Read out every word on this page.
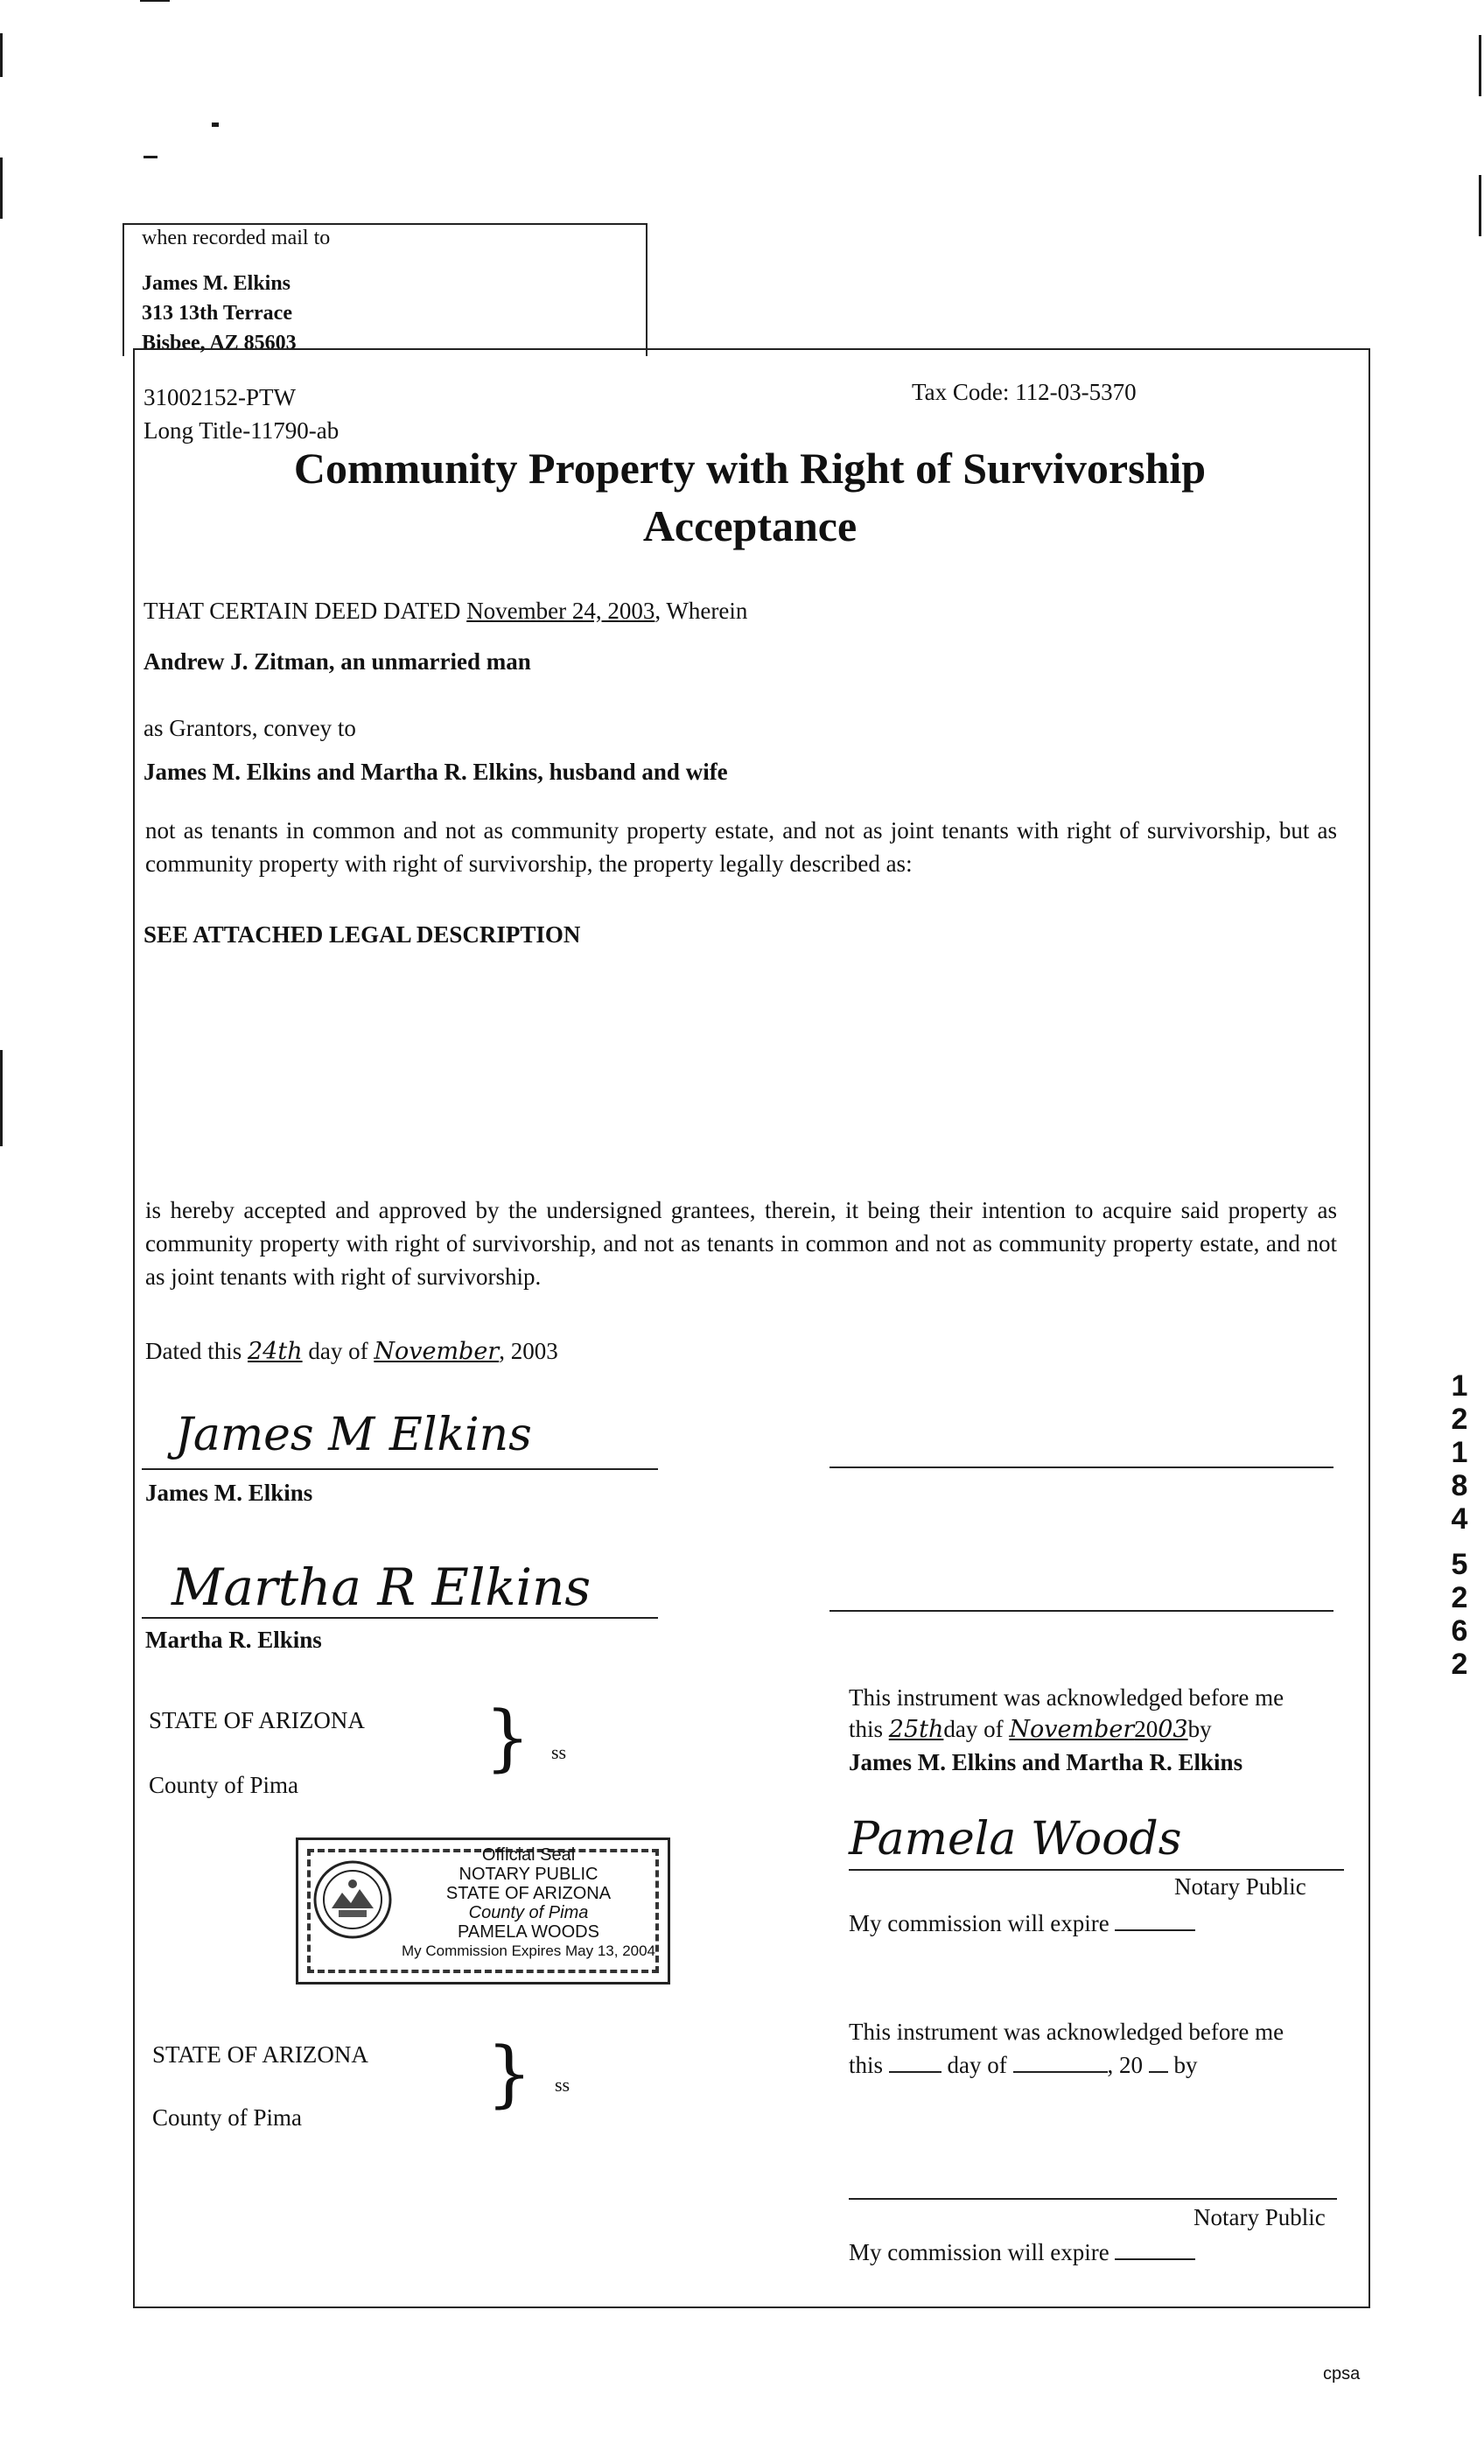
when recorded mail to
James M. Elkins
313 13th Terrace
Bisbee, AZ 85603
31002152-PTW
Long Title-11790-ab
Tax Code: 112-03-5370
Community Property with Right of Survivorship
Acceptance
THAT CERTAIN DEED DATED November 24, 2003, Wherein
Andrew J. Zitman, an unmarried man
as Grantors, convey to
James M. Elkins and Martha R. Elkins, husband and wife
not as tenants in common and not as community property estate, and not as joint tenants with right of survivorship, but as community property with right of survivorship, the property legally described as:
SEE ATTACHED LEGAL DESCRIPTION
is hereby accepted and approved by the undersigned grantees, therein, it being their intention to acquire said property as community property with right of survivorship, and not as tenants in common and not as community property estate, and not as joint tenants with right of survivorship.
Dated this 24th day of November, 2003
James M Elkins
James M. Elkins
Martha R Elkins
Martha R. Elkins
STATE OF ARIZONA
County of Pima
} ss
This instrument was acknowledged before me
this 25thday of November2003by
James M. Elkins and Martha R. Elkins
Pamela Woods
Notary Public
My commission will expire
Official Seal
NOTARY PUBLIC
STATE OF ARIZONA
County of Pima
PAMELA WOODS
My Commission Expires May 13, 2004
STATE OF ARIZONA
County of Pima
} ss
This instrument was acknowledged before me
this	day of	, 20 by
Notary Public
My commission will expire
1
2
1
8
4
5
2
6
2
cpsa
